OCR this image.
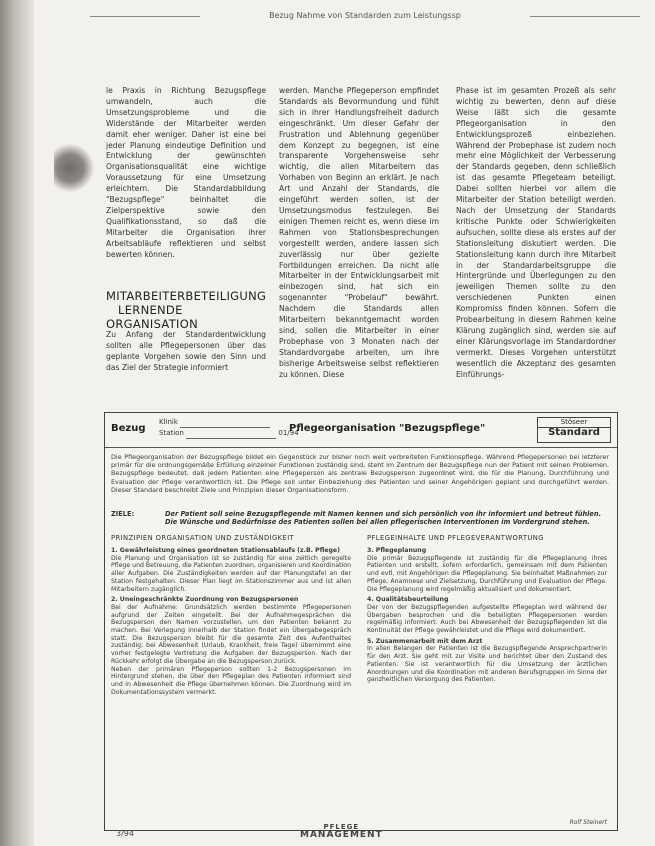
Bezug Nahme von Standarden zum Leistungssp

le Praxis in Richtung Bezugspflege umwandeln, auch die Umsetzungsprobleme und die Widerstände der Mitarbeiter werden damit eher weniger. Daher ist eine bei jeder Planung eindeutige Definition und Entwicklung der gewünschten Organisationsqualität eine wichtige Voraussetzung für eine Umsetzung erleichtern. Die Standardabbildung "Bezugspflege" beinhaltet die Zielperspektive sowie den Qualifikationsstand, so daß die Mitarbeiter die Organisation ihrer Arbeitsabläufe reflektieren und selbst bewerten können.

MITARBEITERBETEILIGUNG
LERNENDE
ORGANISATION

Zu Anfang der Standardentwicklung sollten alle Pflegepersonen über das geplante Vorgehen sowie den Sinn und das Ziel der Strategie informiert

werden. Manche Pflegeperson empfindet Standards als Bevormundung und fühlt sich in ihrer Handlungsfreiheit dadurch eingeschränkt. Um dieser Gefahr der Frustration und Ablehnung gegenüber dem Konzept zu begegnen, ist eine transparente Vorgehensweise sehr wichtig, die allen Mitarbeitern das Vorhaben von Beginn an erklärt. Je nach Art und Anzahl der Standards, die eingeführt werden sollen, ist der Umsetzungsmodus festzulegen. Bei einigen Themen reicht es, wenn diese im Rahmen von Stationsbesprechungen vorgestellt werden, andere lassen sich zuverlässig nur über gezielte Fortbildungen erreichen. Da nicht alle Mitarbeiter in der Entwicklungsarbeit mit einbezogen sind, hat sich ein sogenannter "Probelauf" bewährt. Nachdem die Standards allen Mitarbeitern bekanntgemacht worden sind, sollen die Mitarbeiter in einer Probephase von 3 Monaten nach der Standardvorgabe arbeiten, um ihre bisherige Arbeitsweise selbst reflektieren zu können. Diese

Phase ist im gesamten Prozeß als sehr wichtig zu bewerten, denn auf diese Weise läßt sich die gesamte Pflegeorganisation in den Entwicklungsprozeß einbeziehen. Während der Probephase ist zudem noch mehr eine Möglichkeit der Verbesserung der Standards gegeben, denn schließlich ist das gesamte Pflegeteam beteiligt. Dabei sollten hierbei vor allem die Mitarbeiter der Station beteiligt werden. Nach der Umsetzung der Standards kritische Punkte oder Schwierigkeiten aufsuchen, sollte diese als erstes auf der Stationsleitung diskutiert werden. Die Stationsleitung kann durch ihre Mitarbeit in der Standardarbeitsgruppe die Hintergründe und Überlegungen zu den jeweiligen Themen sollte zu den verschiedenen Punkten einen Kompromiss finden können. Sofern die Probearbeitung in diesem Rahmen keine Klärung zugänglich sind, werden sie auf einer Klärungsvorlage im Standardordner vermerkt. Dieses Vorgehen unterstützt wesentlich die Akzeptanz des gesamten Einführungs-

Bezug
Klinik
Station	01/94
Pflegeorganisation "Bezugspflege"
Stöseer
Standard
Die Pflegeorganisation der Bezugspflege bildet ein Gegenstück zur bisher noch weit verbreiteten Funktionspflege. Während Pflegepersonen bei letzterer primär für die ordnungsgemäße Erfüllung einzelner Funktionen zuständig sind, steht im Zentrum der Bezugspflege nun der Patient mit seinen Problemen. Bezugspflege bedeutet, daß jedem Patienten eine Pflegeperson als zentrale Bezugsperson zugeordnet wird, die für die Planung, Durchführung und Evaluation der Pflege verantwortlich ist. Die Pflege soll unter Einbeziehung des Patienten und seiner Angehörigen geplant und durchgeführt werden. Dieser Standard beschreibt Ziele und Prinzipien dieser Organisationsform.
ZIELE:	Der Patient soll seine Bezugspflegende mit Namen kennen und sich persönlich von ihr informiert und betreut fühlen. Die Wünsche und Bedürfnisse des Patienten sollen bei allen pflegerischen Interventionen im Vordergrund stehen.
PRINZIPIEN ORGANISATION UND ZUSTÄNDIGKEIT	PFLEGEINHALTE UND PFLEGEVERANTWORTUNG

1. Gewährleistung eines geordneten Stationsablaufs (z.B. Pflege)

Die Planung und Organisation ist so zuständig für eine zeitlich geregelte Pflege und Betreuung, die Patienten zuordnen, organisieren und Koordination aller Aufgaben. Die Zuständigkeiten werden auf der Planungstafel an der Station festgehalten. Dieser Plan liegt im Stationszimmer aus und ist allen Mitarbeitern zugänglich.

2. Uneingeschränkte Zuordnung von Bezugspersonen

Bei der Aufnahme: Grundsätzlich werden bestimmte Pflegepersonen aufgrund der Zeiten eingeteilt. Bei der Aufnahmegesprächen die Bezugsperson den Namen vorzustellen, um den Patienten bekannt zu machen. Bei Verlegung innerhalb der Station findet ein Übergabegespräch statt. Die Bezugsperson bleibt für die gesamte Zeit des Aufenthaltes zuständig; bei Abwesenheit (Urlaub, Krankheit, freie Tage) übernimmt eine vorher festgelegte Vertretung die Aufgaben der Bezugsperson. Nach der Rückkehr erfolgt die Übergabe an die Bezugsperson zurück.

Neben der primären Pflegeperson sollten 1-2 Bezugspersonen im Hintergrund stehen, die über den Pflegeplan des Patienten informiert sind und in Abwesenheit die Pflege übernehmen können. Die Zuordnung wird im Dokumentationssystem vermerkt.

3. Pflegeplanung

Die primär Bezugspflegende ist zuständig für die Pflegeplanung ihres Patienten und erstellt, sofern erforderlich, gemeinsam mit dem Patienten und evtl. mit Angehörigen die Pflegeplanung. Sie beinhaltet Maßnahmen zur Pflege, Anamnese und Zielsetzung, Durchführung und Evaluation der Pflege. Die Pflegeplanung wird regelmäßig aktualisiert und dokumentiert.

4. Qualitätsbeurteilung

Der von der Bezugspflegenden aufgestellte Pflegeplan wird während der Übergaben besprochen und die beteiligten Pflegepersonen werden regelmäßig informiert. Auch bei Abwesenheit der Bezugspflegenden ist die Kontinuität der Pflege gewährleistet und die Pflege wird dokumentiert.

5. Zusammenarbeit mit dem Arzt

In allen Belangen der Patienten ist die Bezugspflegende Ansprechpartnerin für den Arzt. Sie geht mit zur Visite und berichtet über den Zustand des Patienten. Sie ist verantwortlich für die Umsetzung der ärztlichen Anordnungen und die Koordination mit anderen Berufsgruppen im Sinne der ganzheitlichen Versorgung des Patienten.

Rolf Steinert
3/94
PFLEGE
MANAGEMENT
